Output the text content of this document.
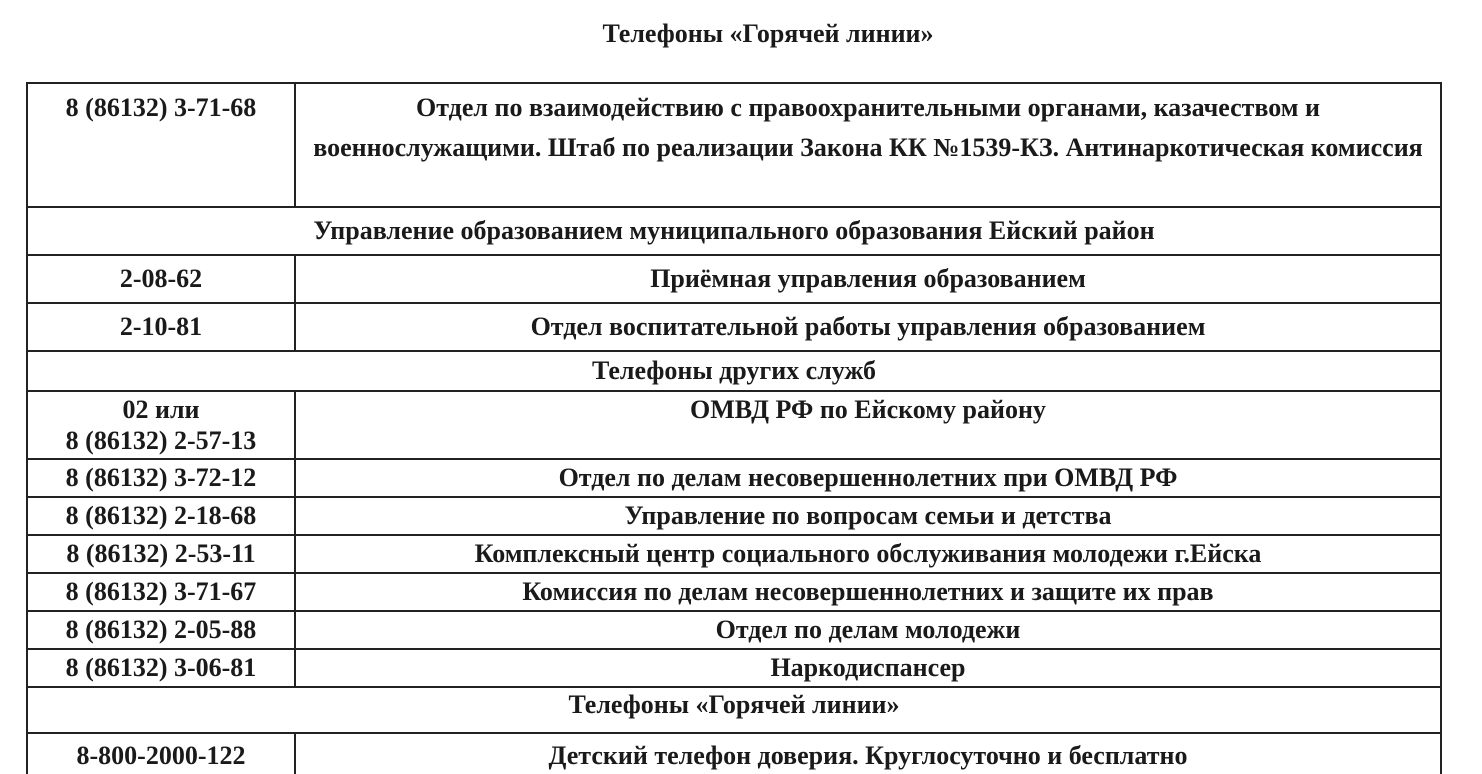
Телефоны «Горячей линии»
8 (86132) 3-71-68	Отдел по взаимодействию с правоохранительными органами, казачеством и военнослужащими. Штаб по реализации Закона КК №1539-КЗ. Антинаркотическая комиссия
Управление образованием муниципального образования Ейский район	
2-08-62	Приёмная управления образованием
2-10-81	Отдел воспитательной работы управления образованием
Телефоны других служб	

02 или
8 (86132) 2-57-13	ОМВД РФ по Ейскому району
8 (86132) 3-72-12	Отдел по делам несовершеннолетних при ОМВД РФ
8 (86132) 2-18-68	Управление по вопросам семьи и детства
8 (86132) 2-53-11	Комплексный центр социального обслуживания молодежи г.Ейска
8 (86132) 3-71-67	Комиссия по делам несовершеннолетних и защите их прав
8 (86132) 2-05-88	Отдел по делам молодежи
8 (86132) 3-06-81	Наркодиспансер
Телефоны «Горячей линии»	
8-800-2000-122	Детский телефон доверия. Круглосуточно и бесплатно
